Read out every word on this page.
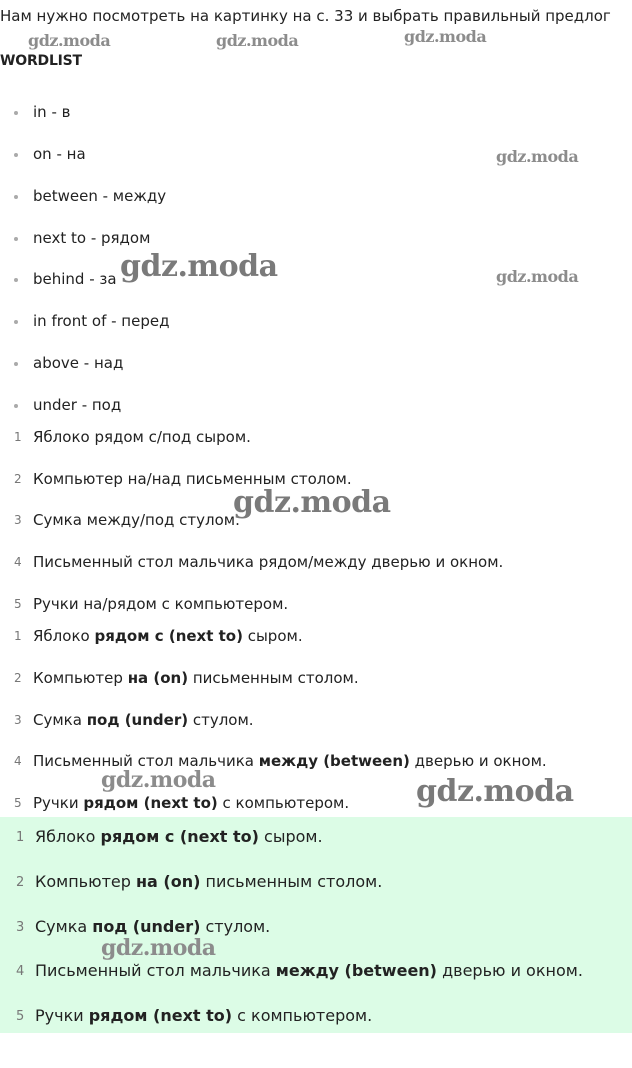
Нам нужно посмотреть на картинку на с. 33 и выбрать правильный предлог
WORDLIST
in - в
on - на
between - между
next to - рядом
behind - за
in front of - перед
above - над
under - под
1 Яблоко рядом с/под сыром.
2 Компьютер на/над письменным столом.
3 Сумка между/под стулом.
4 Письменный стол мальчика рядом/между дверью и окном.
5 Ручки на/рядом с компьютером.
1 Яблоко рядом с (next to) сыром.
2 Компьютер на (on) письменным столом.
3 Сумка под (under) стулом.
4 Письменный стол мальчика между (between) дверью и окном.
5 Ручки рядом (next to) с компьютером.
1 Яблоко рядом с (next to) сыром.
2 Компьютер на (on) письменным столом.
3 Сумка под (under) стулом.
4 Письменный стол мальчика между (between) дверью и окном.
5 Ручки рядом (next to) с компьютером.
gdz.moda	gdz.moda	gdz.moda
gdz.moda
gdz.moda	gdz.moda
gdz.moda
gdz.moda	gdz.moda
gdz.moda
